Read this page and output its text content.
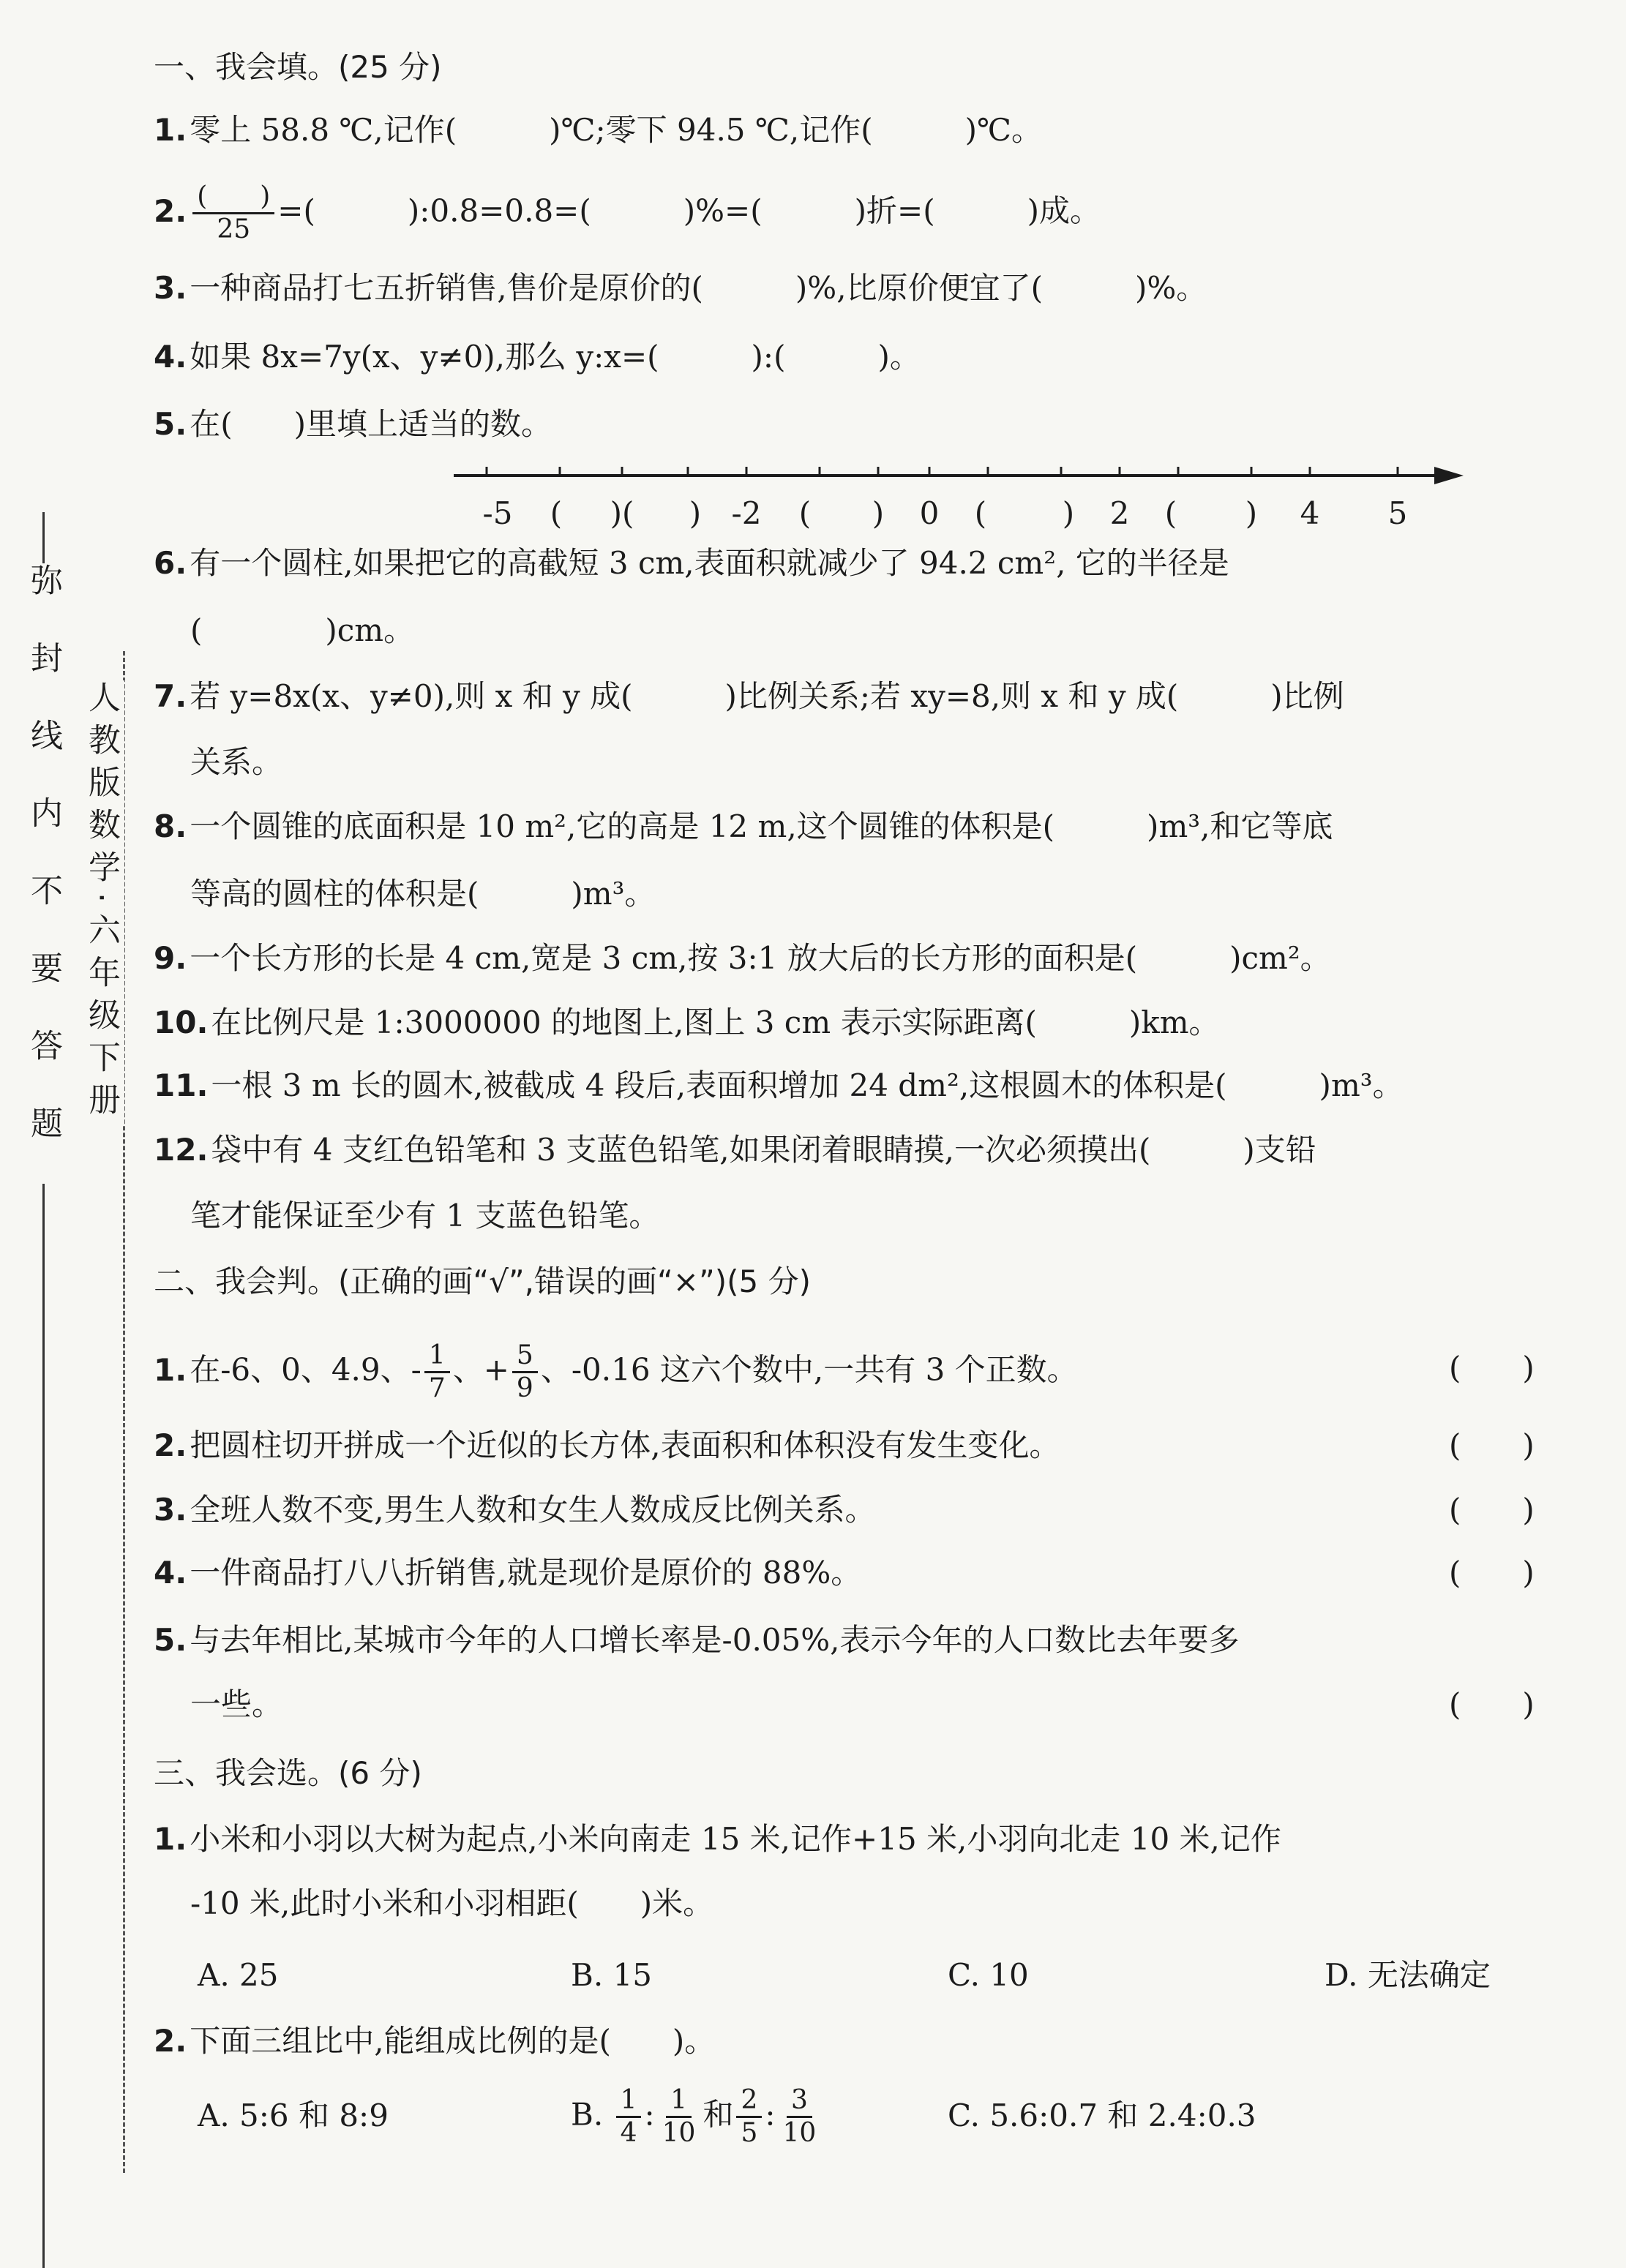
弥封线内不要答题 人教版数学·六年级下册
一、我会填。(25 分)
1.零上 58.8 ℃,记作(　　　)℃;零下 94.5 ℃,记作(　　　)℃。
2. $\frac{( )}{25}$ =(　　　):0.8=0.8=(　　　)%=(　　　)折=(　　　)成。
3.一种商品打七五折销售,售价是原价的(　　　)%,比原价便宜了(　　　)%。
4.如果 8x=7y(x、y≠0),那么 y:x=(　　　):(　　　)。
5.在(　　)里填上适当的数。
-5 ( )( ) -2 ( ) 0 ( ) 2 ( ) 4 5
6.有一个圆柱,如果把它的高截短 3 cm,表面积就减少了 94.2 cm², 它的半径是
(　　　　)cm。
7.若 y=8x(x、y≠0),则 x 和 y 成(　　　)比例关系;若 xy=8,则 x 和 y 成(　　　)比例
关系。
8.一个圆锥的底面积是 10 m²,它的高是 12 m,这个圆锥的体积是(　　　)m³,和它等底
等高的圆柱的体积是(　　　)m³。
9.一个长方形的长是 4 cm,宽是 3 cm,按 3:1 放大后的长方形的面积是(　　　)cm²。
10.在比例尺是 1:3000000 的地图上,图上 3 cm 表示实际距离(　　　)km。
11.一根 3 m 长的圆木,被截成 4 段后,表面积增加 24 dm²,这根圆木的体积是(　　　)m³。
12.袋中有 4 支红色铅笔和 3 支蓝色铅笔,如果闭着眼睛摸,一次必须摸出(　　　)支铅
笔才能保证至少有 1 支蓝色铅笔。
二、我会判。(正确的画“√”,错误的画“×”)(5 分)
1.在-6、0、4.9、- $\frac{1}{7}$ 、+ $\frac{5}{9}$ 、-0.16 这六个数中,一共有 3 个正数。	(　　)
2.把圆柱切开拼成一个近似的长方体,表面积和体积没有发生变化。	(　　)
3.全班人数不变,男生人数和女生人数成反比例关系。	(　　)
4.一件商品打八八折销售,就是现价是原价的 88%。	(　　)
5.与去年相比,某城市今年的人口增长率是-0.05%,表示今年的人口数比去年要多
一些。	(　　)
三、我会选。(6 分)
1.小米和小羽以大树为起点,小米向南走 15 米,记作+15 米,小羽向北走 10 米,记作
-10 米,此时小米和小羽相距(　　)米。
A. 25	B. 15	C. 10	D. 无法确定
2.下面三组比中,能组成比例的是(　　)。
A. 5:6 和 8:9	B. $\frac{1}{4}$ : $\frac{1}{10}$ 和 $\frac{2}{5}$ : $\frac{3}{10}$	C. 5.6:0.7 和 2.4:0.3
